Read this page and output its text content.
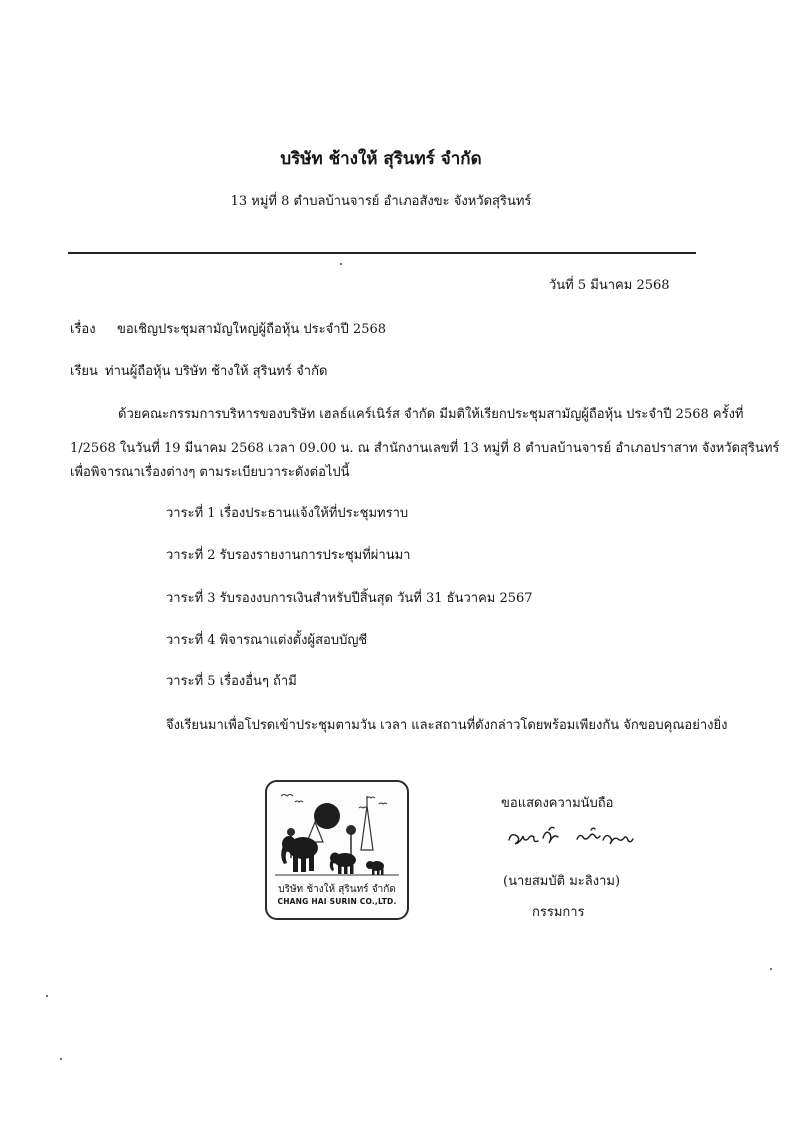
บริษัท ช้างให้ สุรินทร์ จำกัด
13 หมู่ที่ 8 ตำบลบ้านจารย์ อำเภอสังขะ จังหวัดสุรินทร์
วันที่ 5 มีนาคม 2568
เรื่อง ขอเชิญประชุมสามัญใหญ่ผู้ถือหุ้น ประจำปี 2568
เรียน ท่านผู้ถือหุ้น บริษัท ช้างให้ สุรินทร์ จำกัด
ด้วยคณะกรรมการบริหารของบริษัท เฮลธ์แคร์เนิร์ส จำกัด มีมติให้เรียกประชุมสามัญผู้ถือหุ้น ประจำปี 2568 ครั้งที่
1/2568 ในวันที่ 19 มีนาคม 2568 เวลา 09.00 น. ณ สำนักงานเลขที่ 13 หมู่ที่ 8 ตำบลบ้านจารย์ อำเภอปราสาท จังหวัดสุรินทร์
เพื่อพิจารณาเรื่องต่างๆ ตามระเบียบวาระดังต่อไปนี้
วาระที่ 1 เรื่องประธานแจ้งให้ที่ประชุมทราบ
วาระที่ 2 รับรองรายงานการประชุมที่ผ่านมา
วาระที่ 3 รับรองงบการเงินสำหรับปีสิ้นสุด วันที่ 31 ธันวาคม 2567
วาระที่ 4 พิจารณาแต่งตั้งผู้สอบบัญชี
วาระที่ 5 เรื่องอื่นๆ ถ้ามี
จึงเรียนมาเพื่อโปรดเข้าประชุมตามวัน เวลา และสถานที่ดังกล่าวโดยพร้อมเพียงกัน จักขอบคุณอย่างยิ่ง
บริษัท ช้างให้ สุรินทร์ จำกัด
CHANG HAI SURIN CO.,LTD.
ขอแสดงความนับถือ
(นายสมบัติ มะลิงาม)
กรรมการ
